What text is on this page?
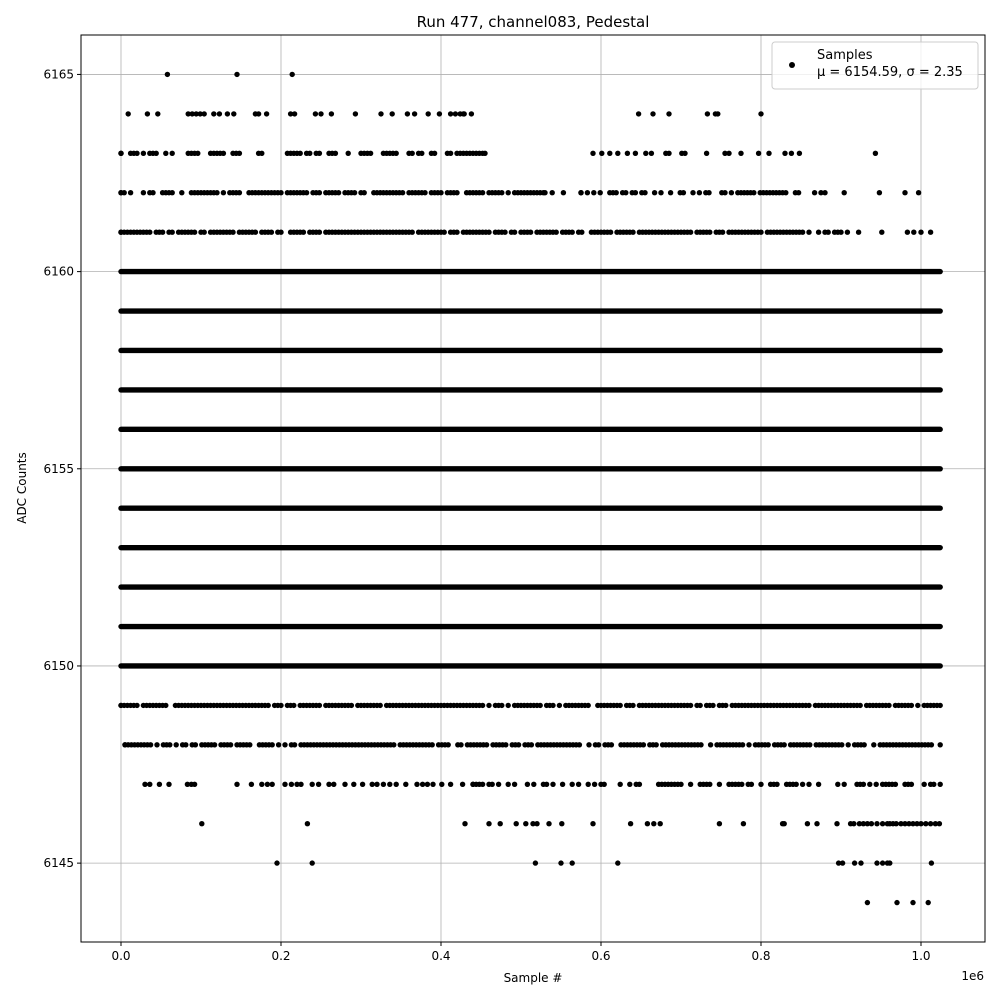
0.0	0.2	0.4	0.6	0.8	1.0
6145
6150
6155
6160
6165
Run 477, channel083, Pedestal
Sample #
ADC Counts
1e6
Samples
μ = 6154.59, σ = 2.35
